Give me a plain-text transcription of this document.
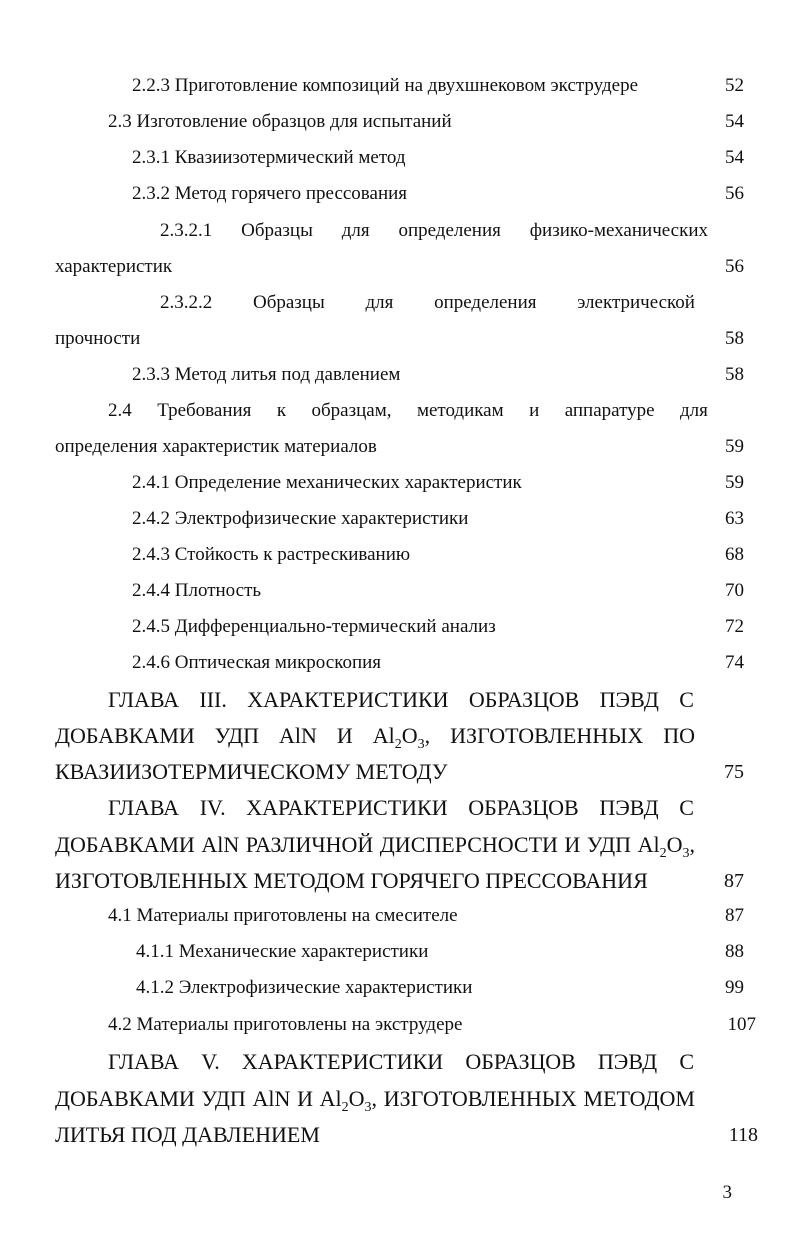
2.2.3 Приготовление композиций на двухшнековом экструдере	52
2.3 Изготовление образцов для испытаний	54
2.3.1 Квазиизотермический метод	54
2.3.2 Метод горячего прессования	56
2.3.2.1 Образцы для определения физико-механических
характеристик	56
2.3.2.2 Образцы для определения электрической
прочности	58
2.3.3 Метод литья под давлением	58
2.4 Требования к образцам, методикам и аппаратуре для
определения характеристик материалов	59
2.4.1 Определение механических характеристик	59
2.4.2 Электрофизические характеристики	63
2.4.3 Стойкость к растрескиванию	68
2.4.4 Плотность	70
2.4.5 Дифференциально-термический анализ	72
2.4.6 Оптическая микроскопия	74
ГЛАВА III. ХАРАКТЕРИСТИКИ ОБРАЗЦОВ ПЭВД С
ДОБАВКАМИ УДП AlN И $Al_2O_3$, ИЗГОТОВЛЕННЫХ ПО
КВАЗИИЗОТЕРМИЧЕСКОМУ МЕТОДУ	75
ГЛАВА IV. ХАРАКТЕРИСТИКИ ОБРАЗЦОВ ПЭВД С
ДОБАВКАМИ AlN РАЗЛИЧНОЙ ДИСПЕРСНОСТИ И УДП $Al_2O_3$,
ИЗГОТОВЛЕННЫХ МЕТОДОМ ГОРЯЧЕГО ПРЕССОВАНИЯ	87
4.1 Материалы приготовлены на смесителе	87
4.1.1 Механические характеристики	88
4.1.2 Электрофизические характеристики	99
4.2 Материалы приготовлены на экструдере	107
ГЛАВА V. ХАРАКТЕРИСТИКИ ОБРАЗЦОВ ПЭВД С
ДОБАВКАМИ УДП AlN И $Al_2O_3$, ИЗГОТОВЛЕННЫХ МЕТОДОМ
ЛИТЬЯ ПОД ДАВЛЕНИЕМ	118
3
